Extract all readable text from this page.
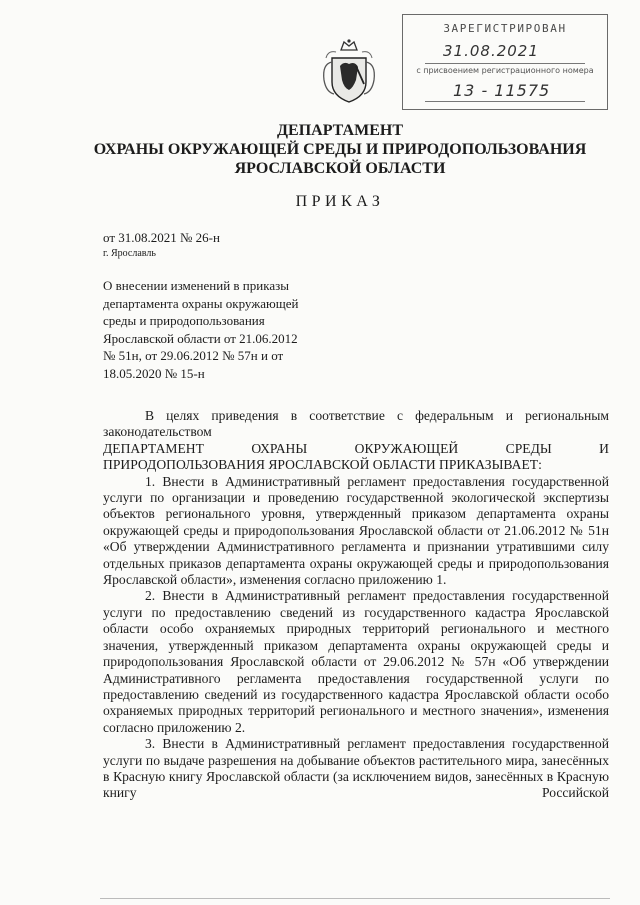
ЗАРЕГИСТРИРОВАН
31.08.2021
с присвоением регистрационного номера
13 - 11575
ДЕПАРТАМЕНТ
ОХРАНЫ ОКРУЖАЮЩЕЙ СРЕДЫ И ПРИРОДОПОЛЬЗОВАНИЯ
ЯРОСЛАВСКОЙ ОБЛАСТИ
ПРИКАЗ
от 31.08.2021 № 26-н
г. Ярославль
О внесении изменений в приказы
департамента охраны окружающей
среды и природопользования
Ярославской области от 21.06.2012
№ 51н, от 29.06.2012 № 57н и от
18.05.2020 № 15-н

В целях приведения в соответствие с федеральным и региональным законодательством

ДЕПАРТАМЕНТ	ОХРАНЫ	ОКРУЖАЮЩЕЙ	СРЕДЫ	И
ПРИРОДОПОЛЬЗОВАНИЯ ЯРОСЛАВСКОЙ ОБЛАСТИ ПРИКАЗЫВАЕТ:

1. Внести в Административный регламент предоставления государственной услуги по организации и проведению государственной экологической экспертизы объектов регионального уровня, утвержденный приказом департамента охраны окружающей среды и природопользования Ярославской области от 21.06.2012 № 51н «Об утверждении Административного регламента и признании утратившими силу отдельных приказов департамента охраны окружающей среды и природопользования Ярославской области», изменения согласно приложению 1.

2. Внести в Административный регламент предоставления государственной услуги по предоставлению сведений из государственного кадастра Ярославской области особо охраняемых природных территорий регионального и местного значения, утвержденный приказом департамента охраны окружающей среды и природопользования Ярославской области от 29.06.2012 № 57н «Об утверждении Административного регламента предоставления государственной услуги по предоставлению сведений из государственного кадастра Ярославской области особо охраняемых природных территорий регионального и местного значения», изменения согласно приложению 2.

3. Внести в Административный регламент предоставления государственной услуги по выдаче разрешения на добывание объектов растительного мира, занесённых в Красную книгу Ярославской области (за исключением видов, занесённых в Красную книгу Российской
